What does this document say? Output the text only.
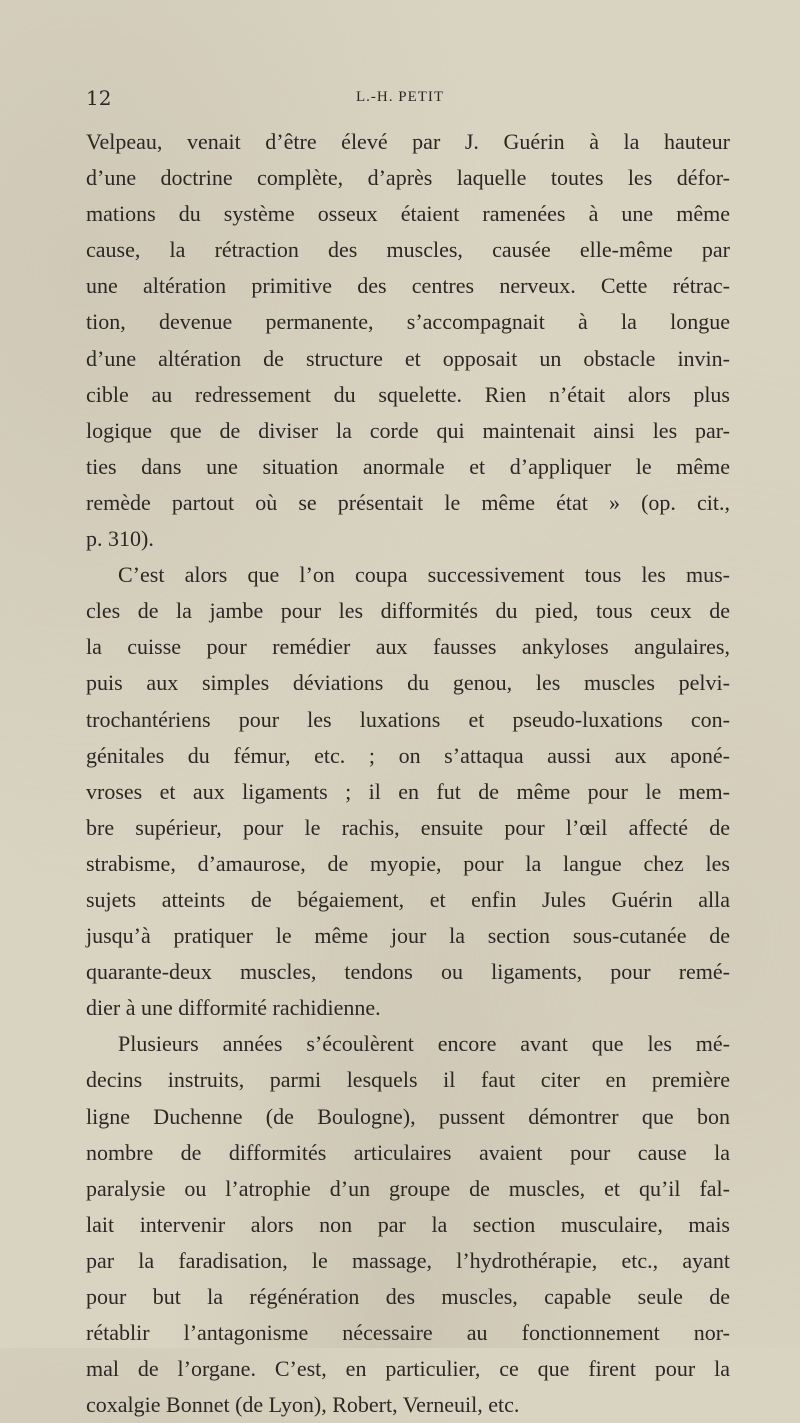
12	L.-H. PETIT
Velpeau, venait d’être élevé par J. Guérin à la hauteur
d’une doctrine complète, d’après laquelle toutes les défor-
mations du système osseux étaient ramenées à une même
cause, la rétraction des muscles, causée elle-même par
une altération primitive des centres nerveux. Cette rétrac-
tion, devenue permanente, s’accompagnait à la longue
d’une altération de structure et opposait un obstacle invin-
cible au redressement du squelette. Rien n’était alors plus
logique que de diviser la corde qui maintenait ainsi les par-
ties dans une situation anormale et d’appliquer le même
remède partout où se présentait le même état » (op. cit.,
p. 310).
C’est alors que l’on coupa successivement tous les mus-
cles de la jambe pour les difformités du pied, tous ceux de
la cuisse pour remédier aux fausses ankyloses angulaires,
puis aux simples déviations du genou, les muscles pelvi-
trochantériens pour les luxations et pseudo-luxations con-
génitales du fémur, etc. ; on s’attaqua aussi aux aponé-
vroses et aux ligaments ; il en fut de même pour le mem-
bre supérieur, pour le rachis, ensuite pour l’œil affecté de
strabisme, d’amaurose, de myopie, pour la langue chez les
sujets atteints de bégaiement, et enfin Jules Guérin alla
jusqu’à pratiquer le même jour la section sous-cutanée de
quarante-deux muscles, tendons ou ligaments, pour remé-
dier à une difformité rachidienne.
Plusieurs années s’écoulèrent encore avant que les mé-
decins instruits, parmi lesquels il faut citer en première
ligne Duchenne (de Boulogne), pussent démontrer que bon
nombre de difformités articulaires avaient pour cause la
paralysie ou l’atrophie d’un groupe de muscles, et qu’il fal-
lait intervenir alors non par la section musculaire, mais
par la faradisation, le massage, l’hydrothérapie, etc., ayant
pour but la régénération des muscles, capable seule de
rétablir l’antagonisme nécessaire au fonctionnement nor-
mal de l’organe. C’est, en particulier, ce que firent pour la
coxalgie Bonnet (de Lyon), Robert, Verneuil, etc.
